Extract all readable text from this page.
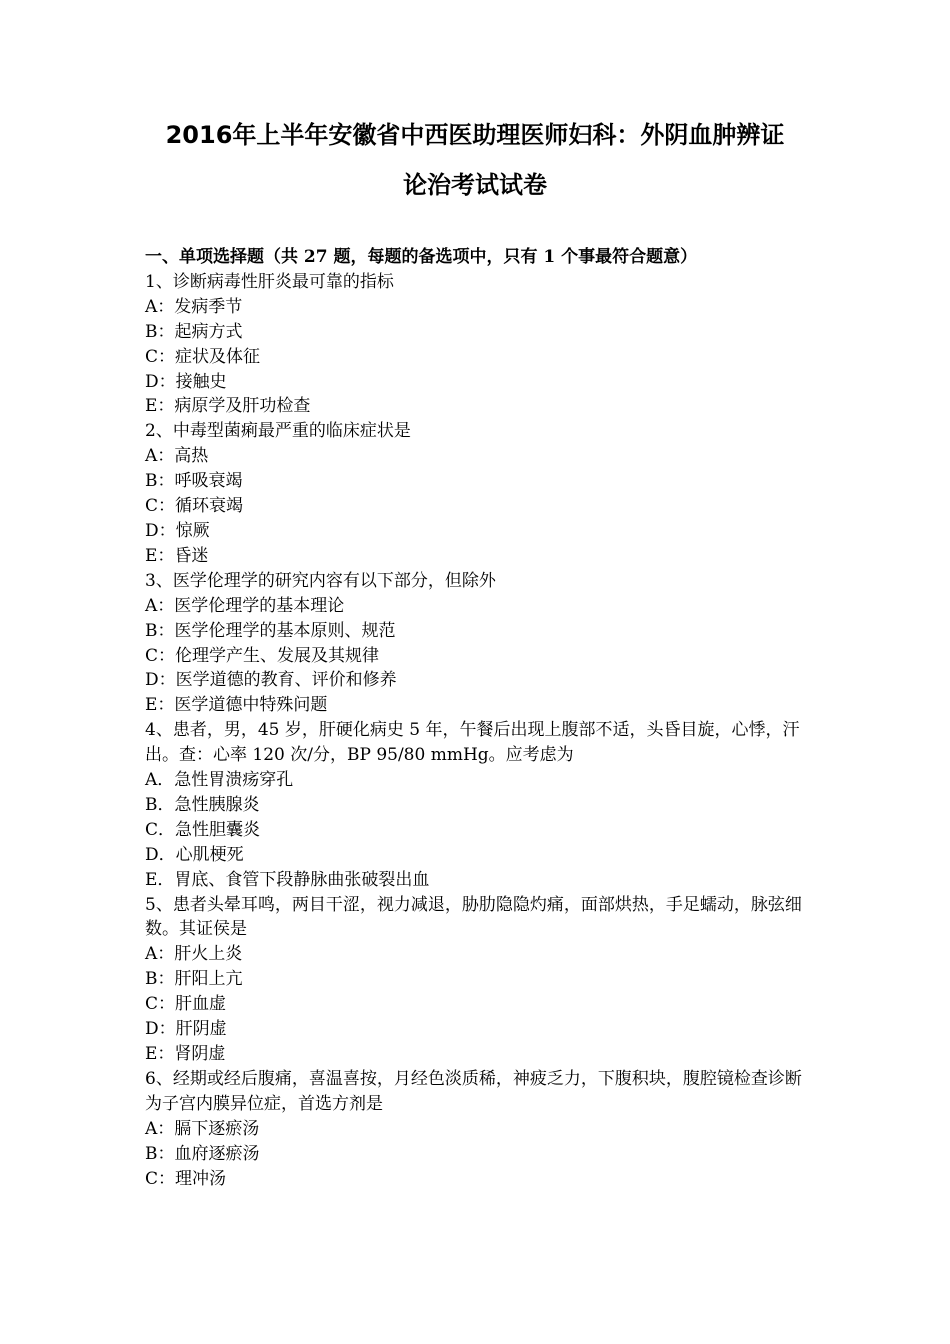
2016年上半年安徽省中西医助理医师妇科：外阴血肿辨证
论治考试试卷

一、单项选择题（共 27 题，每题的备选项中，只有 1 个事最符合题意）

1、诊断病毒性肝炎最可靠的指标

A：发病季节

B：起病方式

C：症状及体征

D：接触史

E：病原学及肝功检查

2、中毒型菌痢最严重的临床症状是

A：高热

B：呼吸衰竭

C：循环衰竭

D：惊厥

E：昏迷

3、医学伦理学的研究内容有以下部分，但除外

A：医学伦理学的基本理论

B：医学伦理学的基本原则、规范

C：伦理学产生、发展及其规律

D：医学道德的教育、评价和修养

E：医学道德中特殊问题

4、患者，男，45 岁，肝硬化病史 5 年，午餐后出现上腹部不适，头昏目旋，心悸，汗出。查：心率 120 次/分，BP 95/80 mmHg。应考虑为

A．急性胃溃疡穿孔

B．急性胰腺炎

C．急性胆囊炎

D．心肌梗死

E．胃底、食管下段静脉曲张破裂出血

5、患者头晕耳鸣，两目干涩，视力减退，胁肋隐隐灼痛，面部烘热，手足蠕动，脉弦细数。其证侯是

A：肝火上炎

B：肝阳上亢

C：肝血虚

D：肝阴虚

E：肾阴虚

6、经期或经后腹痛，喜温喜按，月经色淡质稀，神疲乏力，下腹积块，腹腔镜检查诊断为子宫内膜异位症，首选方剂是

A：膈下逐瘀汤

B：血府逐瘀汤

C：理冲汤
